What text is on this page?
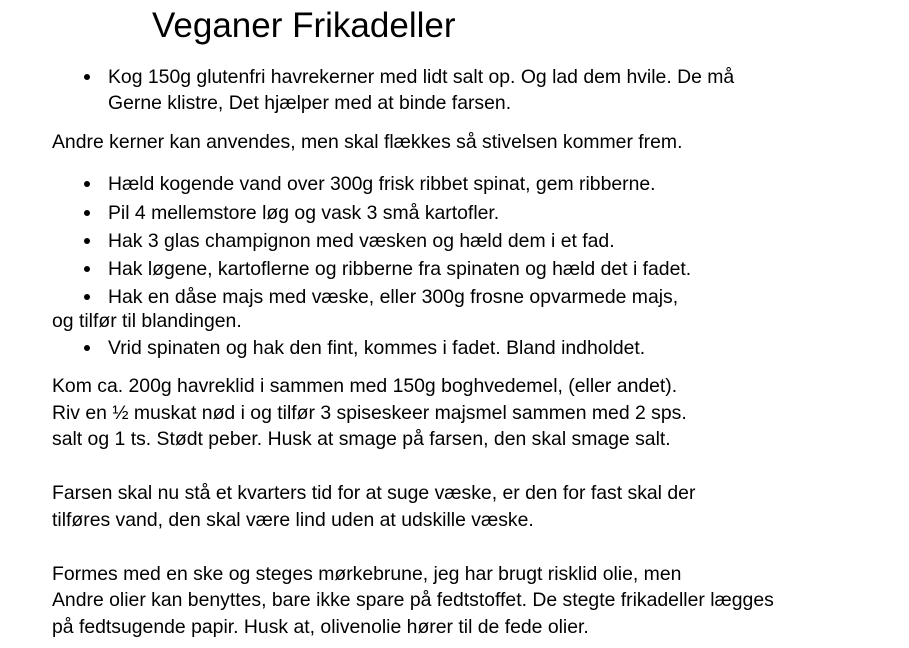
Veganer Frikadeller
Kog 150g glutenfri havrekerner med lidt salt op. Og lad dem hvile. De må
Gerne klistre, Det hjælper med at binde farsen.
Andre kerner kan anvendes, men skal flækkes så stivelsen kommer frem.
Hæld kogende vand over 300g frisk ribbet spinat, gem ribberne.
Pil 4 mellemstore løg og vask 3 små kartofler.
Hak 3 glas champignon med væsken og hæld dem i et fad.
Hak løgene, kartoflerne og ribberne fra spinaten og hæld det i fadet.
Hak en dåse majs med væske, eller 300g frosne opvarmede majs,
og tilfør til blandingen.
Vrid spinaten og hak den fint, kommes i fadet. Bland indholdet.
Kom ca. 200g havreklid i sammen med 150g boghvedemel, (eller andet).
Riv en ½ muskat nød i og tilfør 3 spiseskeer majsmel sammen med 2 sps.
salt og 1 ts. Stødt peber. Husk at smage på farsen, den skal smage salt.
Farsen skal nu stå et kvarters tid for at suge væske, er den for fast skal der
tilføres vand, den skal være lind uden at udskille væske.
Formes med en ske og steges mørkebrune, jeg har brugt risklid olie, men
Andre olier kan benyttes, bare ikke spare på fedtstoffet. De stegte frikadeller lægges
på fedtsugende papir. Husk at, olivenolie hører til de fede olier.
